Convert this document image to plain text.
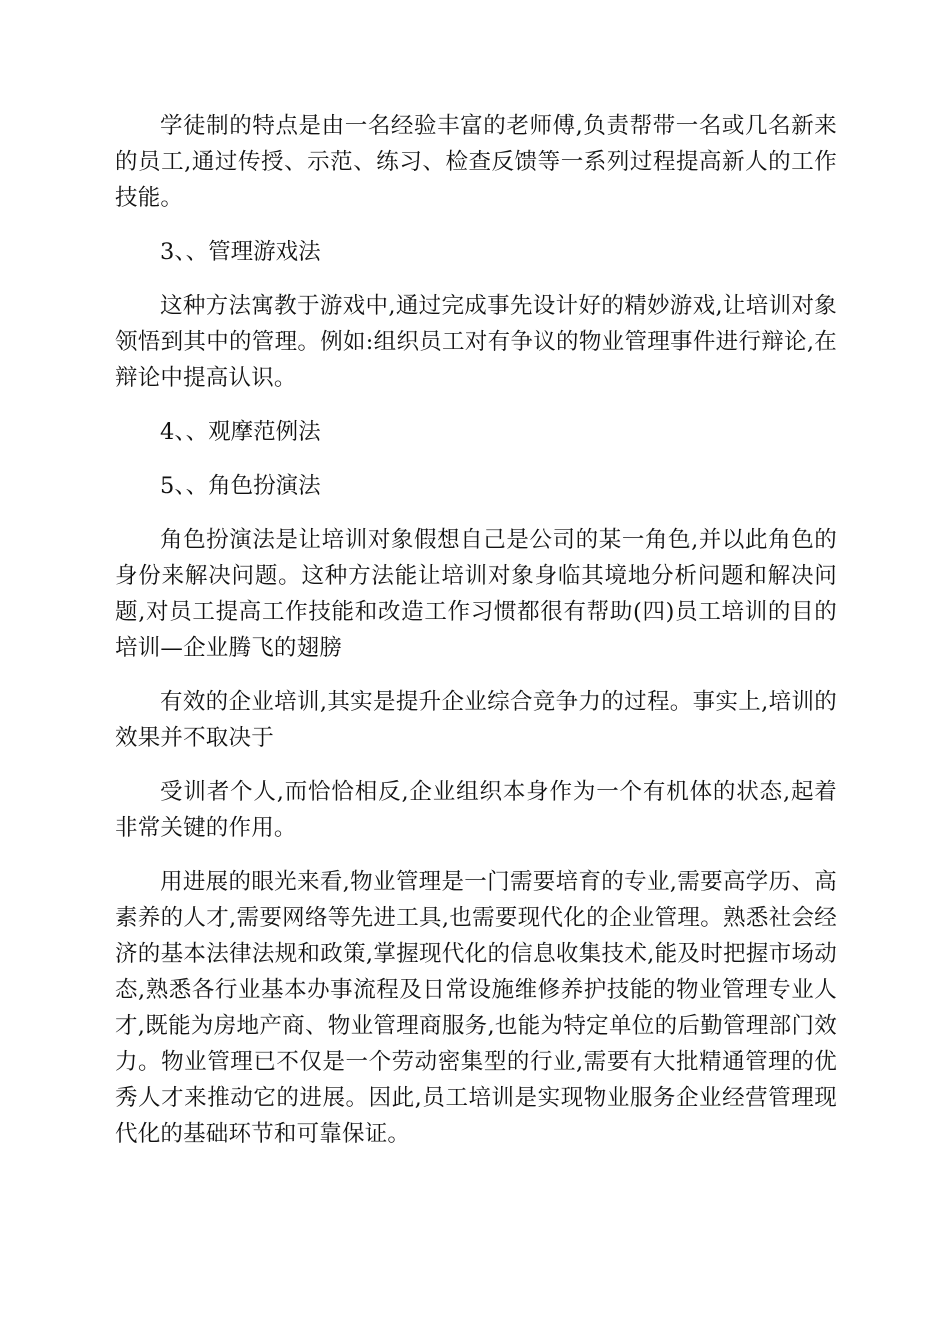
学徒制的特点是由一名经验丰富的老师傅,负责帮带一名或几名新来的员工,通过传授、示范、练习、检查反馈等一系列过程提高新人的工作技能。

3、、管理游戏法

这种方法寓教于游戏中,通过完成事先设计好的精妙游戏,让培训对象领悟到其中的管理。例如:组织员工对有争议的物业管理事件进行辩论,在辩论中提高认识。

4、、观摩范例法

5、、角色扮演法

角色扮演法是让培训对象假想自己是公司的某一角色,并以此角色的身份来解决问题。这种方法能让培训对象身临其境地分析问题和解决问题,对员工提高工作技能和改造工作习惯都很有帮助(四)员工培训的目的培训—企业腾飞的翅膀

有效的企业培训,其实是提升企业综合竞争力的过程。事实上,培训的效果并不取决于

受训者个人,而恰恰相反,企业组织本身作为一个有机体的状态,起着非常关键的作用。

用进展的眼光来看,物业管理是一门需要培育的专业,需要高学历、高素养的人才,需要网络等先进工具,也需要现代化的企业管理。熟悉社会经济的基本法律法规和政策,掌握现代化的信息收集技术,能及时把握市场动态,熟悉各行业基本办事流程及日常设施维修养护技能的物业管理专业人才,既能为房地产商、物业管理商服务,也能为特定单位的后勤管理部门效力。物业管理已不仅是一个劳动密集型的行业,需要有大批精通管理的优秀人才来推动它的进展。因此,员工培训是实现物业服务企业经营管理现代化的基础环节和可靠保证。
